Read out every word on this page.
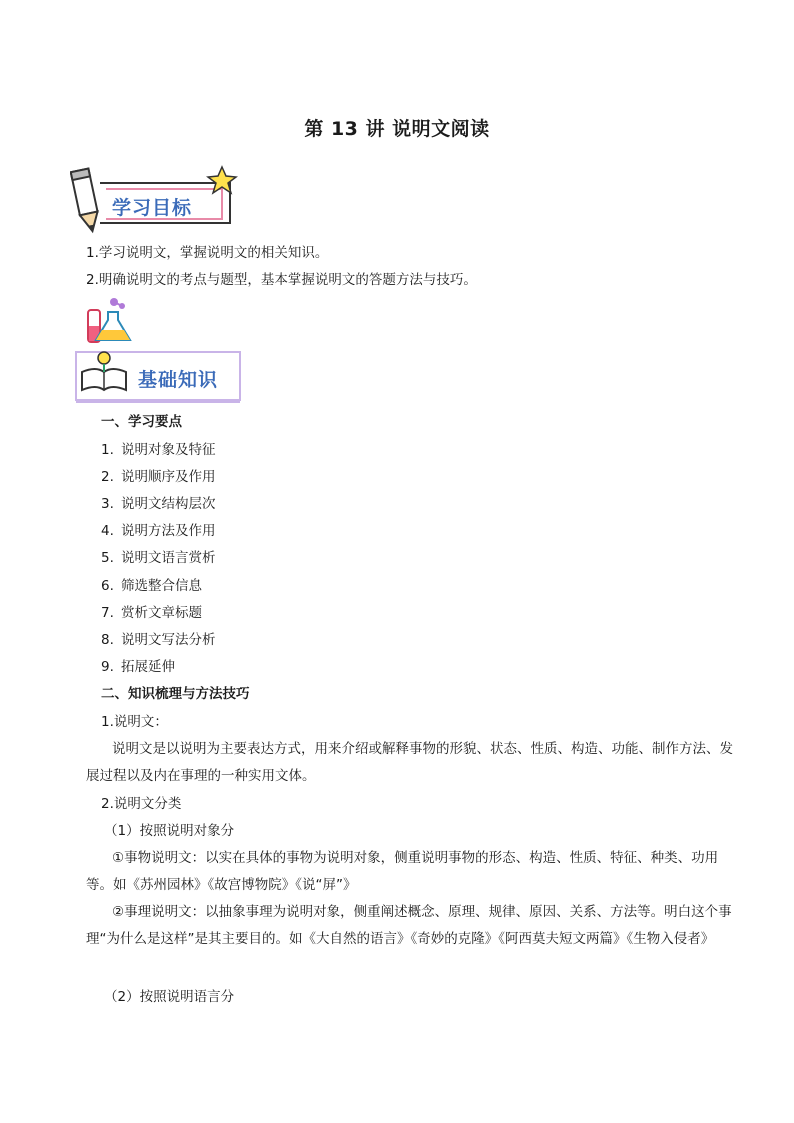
第 13 讲 说明文阅读
学习目标
1.学习说明文，掌握说明文的相关知识。
2.明确说明文的考点与题型，基本掌握说明文的答题方法与技巧。
基础知识
一、学习要点
1. 说明对象及特征
2. 说明顺序及作用
3. 说明文结构层次
4. 说明方法及作用
5. 说明文语言赏析
6. 筛选整合信息
7. 赏析文章标题
8. 说明文写法分析
9. 拓展延伸
二、知识梳理与方法技巧
1.说明文：
说明文是以说明为主要表达方式，用来介绍或解释事物的形貌、状态、性质、构造、功能、制作方法、发展过程以及内在事理的一种实用文体。
2.说明文分类
（1）按照说明对象分
①事物说明文：以实在具体的事物为说明对象，侧重说明事物的形态、构造、性质、特征、种类、功用等。如《苏州园林》《故宫博物院》《说“屏”》
②事理说明文：以抽象事理为说明对象，侧重阐述概念、原理、规律、原因、关系、方法等。明白这个事理“为什么是这样”是其主要目的。如《大自然的语言》《奇妙的克隆》《阿西莫夫短文两篇》《生物入侵者》
（2）按照说明语言分
